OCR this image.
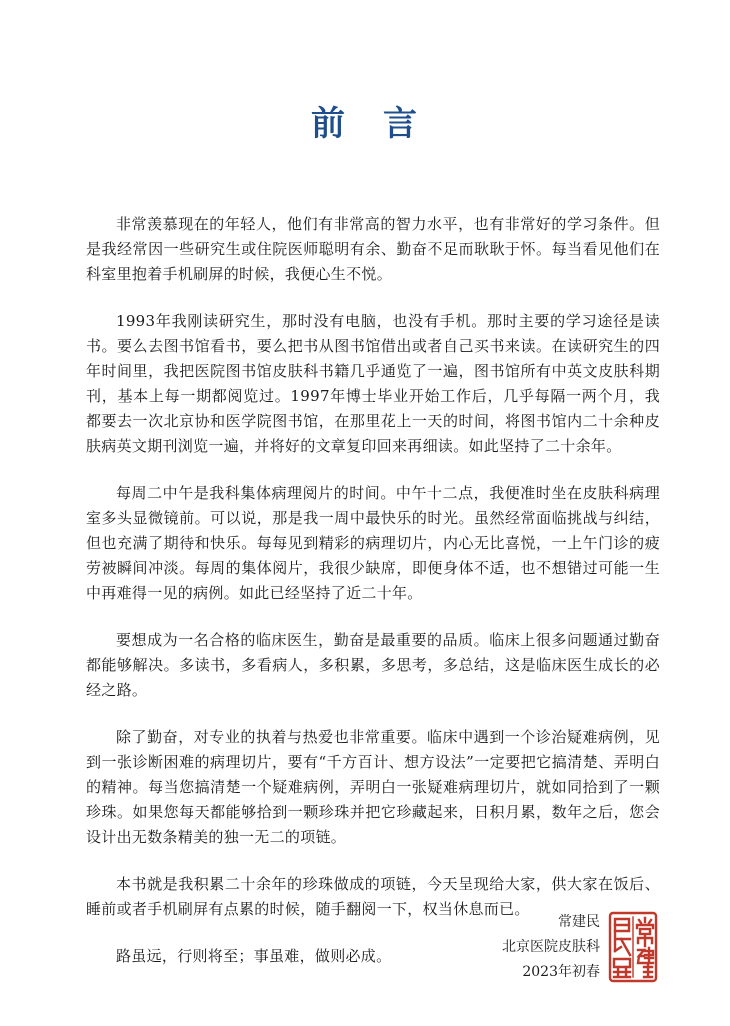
前　言

非常羡慕现在的年轻人，他们有非常高的智力水平，也有非常好的学习条件。但是我经常因一些研究生或住院医师聪明有余、勤奋不足而耿耿于怀。每当看见他们在科室里抱着手机刷屏的时候，我便心生不悦。

1993年我刚读研究生，那时没有电脑，也没有手机。那时主要的学习途径是读书。要么去图书馆看书，要么把书从图书馆借出或者自己买书来读。在读研究生的四年时间里，我把医院图书馆皮肤科书籍几乎通览了一遍，图书馆所有中英文皮肤科期刊，基本上每一期都阅览过。1997年博士毕业开始工作后，几乎每隔一两个月，我都要去一次北京协和医学院图书馆，在那里花上一天的时间，将图书馆内二十余种皮肤病英文期刊浏览一遍，并将好的文章复印回来再细读。如此坚持了二十余年。

每周二中午是我科集体病理阅片的时间。中午十二点，我便准时坐在皮肤科病理室多头显微镜前。可以说，那是我一周中最快乐的时光。虽然经常面临挑战与纠结，但也充满了期待和快乐。每每见到精彩的病理切片，内心无比喜悦，一上午门诊的疲劳被瞬间冲淡。每周的集体阅片，我很少缺席，即便身体不适，也不想错过可能一生中再难得一见的病例。如此已经坚持了近二十年。

要想成为一名合格的临床医生，勤奋是最重要的品质。临床上很多问题通过勤奋都能够解决。多读书，多看病人，多积累，多思考，多总结，这是临床医生成长的必经之路。

除了勤奋，对专业的执着与热爱也非常重要。临床中遇到一个诊治疑难病例，见到一张诊断困难的病理切片，要有“千方百计、想方设法”一定要把它搞清楚、弄明白的精神。每当您搞清楚一个疑难病例，弄明白一张疑难病理切片，就如同拾到了一颗珍珠。如果您每天都能够拾到一颗珍珠并把它珍藏起来，日积月累，数年之后，您会设计出无数条精美的独一无二的项链。

本书就是我积累二十余年的珍珠做成的项链，今天呈现给大家，供大家在饭后、睡前或者手机刷屏有点累的时候，随手翻阅一下，权当休息而已。

路虽远，行则将至；事虽难，做则必成。

常建民
北京医院皮肤科
2023年初春
